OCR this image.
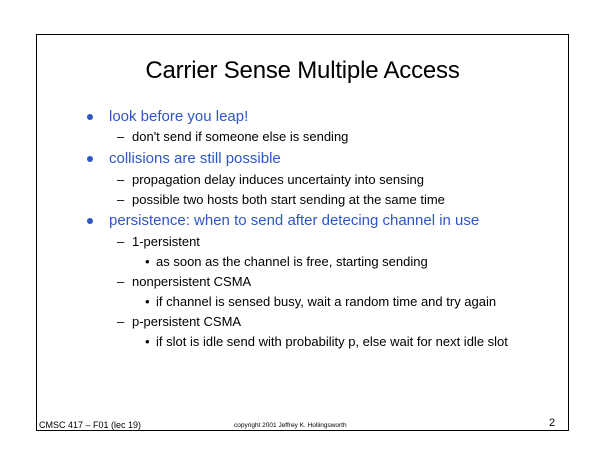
Carrier Sense Multiple Access
look before you leap!
– don't send if someone else is sending
collisions are still possible
– propagation delay induces uncertainty into sensing
– possible two hosts both start sending at the same time
persistence: when to send after detecing channel in use
– 1-persistent
• as soon as the channel is free, starting sending
– nonpersistent CSMA
• if channel is sensed busy, wait a random time and try again
– p-persistent CSMA
• if slot is idle send with probability p, else wait for next idle slot
CMSC 417 – F01 (lec 19)	copyright 2001 Jeffrey K. Hollingsworth	2
